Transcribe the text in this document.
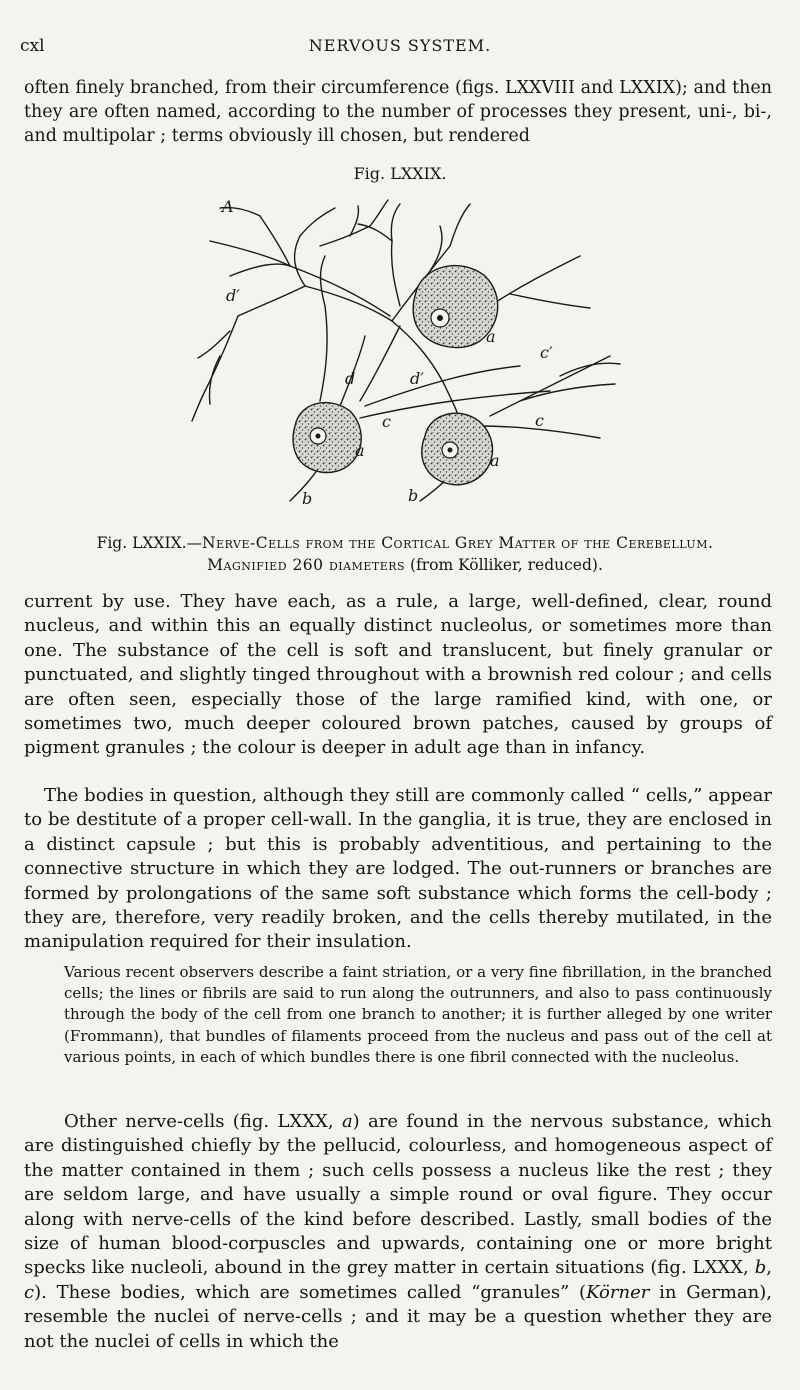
cxl	NERVOUS SYSTEM.
often finely branched, from their circumference (figs. LXXVIII and LXXIX); and then they are often named, according to the number of processes they present, uni-, bi-, and multipolar ; terms obviously ill chosen, but rendered
Fig. LXXIX.
A
d′
a
c′
d	d′
c	c
a
a
b	b
Fig. LXXIX.—Nerve-Cells from the Cortical Grey Matter of the Cerebellum.
Magnified 260 diameters (from Kölliker, reduced).
current by use. They have each, as a rule, a large, well-defined, clear, round nucleus, and within this an equally distinct nucleolus, or sometimes more than one. The substance of the cell is soft and translucent, but finely granular or punctuated, and slightly tinged throughout with a brownish red colour ; and cells are often seen, especially those of the large ramified kind, with one, or sometimes two, much deeper coloured brown patches, caused by groups of pigment granules ; the colour is deeper in adult age than in infancy.
The bodies in question, although they still are commonly called “ cells,” appear to be destitute of a proper cell-wall. In the ganglia, it is true, they are enclosed in a distinct capsule ; but this is probably adventitious, and pertaining to the connective structure in which they are lodged. The out-runners or branches are formed by prolongations of the same soft substance which forms the cell-body ; they are, therefore, very readily broken, and the cells thereby mutilated, in the manipulation required for their insulation.
Various recent observers describe a faint striation, or a very fine fibrillation, in the branched cells; the lines or fibrils are said to run along the outrunners, and also to pass continuously through the body of the cell from one branch to another; it is further alleged by one writer (Frommann), that bundles of filaments proceed from the nucleus and pass out of the cell at various points, in each of which bundles there is one fibril connected with the nucleolus.
Other nerve-cells (fig. LXXX, a) are found in the nervous substance, which are distinguished chiefly by the pellucid, colourless, and homogeneous aspect of the matter contained in them ; such cells possess a nucleus like the rest ; they are seldom large, and have usually a simple round or oval figure. They occur along with nerve-cells of the kind before described. Lastly, small bodies of the size of human blood-corpuscles and upwards, containing one or more bright specks like nucleoli, abound in the grey matter in certain situations (fig. LXXX, b, c). These bodies, which are sometimes called “granules” (Körner in German), resemble the nuclei of nerve-cells ; and it may be a question whether they are not the nuclei of cells in which the
